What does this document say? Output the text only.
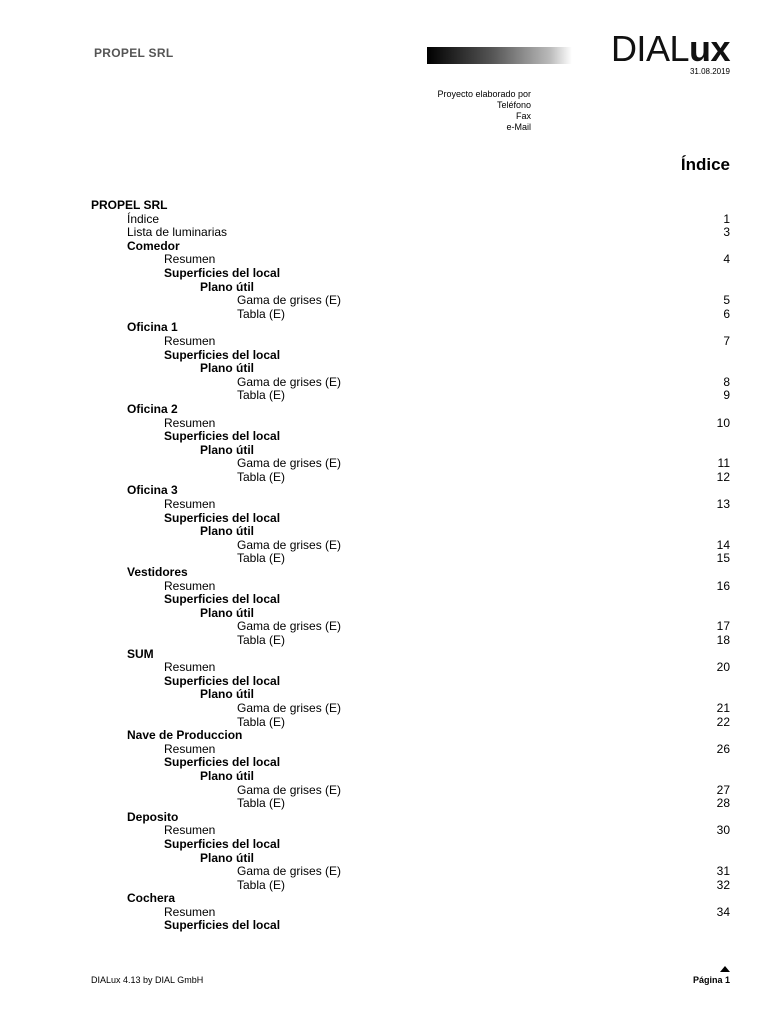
PROPEL SRL	DIALux
31.08.2019
Proyecto elaborado por
Teléfono
Fax
e-Mail
Índice
PROPEL SRL
Índice	1
Lista de luminarias	3
Comedor
Resumen	4
Superficies del local
Plano útil
Gama de grises (E)	5
Tabla (E)	6
Oficina 1
Resumen	7
Superficies del local
Plano útil
Gama de grises (E)	8
Tabla (E)	9
Oficina 2
Resumen	10
Superficies del local
Plano útil
Gama de grises (E)	11
Tabla (E)	12
Oficina 3
Resumen	13
Superficies del local
Plano útil
Gama de grises (E)	14
Tabla (E)	15
Vestidores
Resumen	16
Superficies del local
Plano útil
Gama de grises (E)	17
Tabla (E)	18
SUM
Resumen	20
Superficies del local
Plano útil
Gama de grises (E)	21
Tabla (E)	22
Nave de Produccion
Resumen	26
Superficies del local
Plano útil
Gama de grises (E)	27
Tabla (E)	28
Deposito
Resumen	30
Superficies del local
Plano útil
Gama de grises (E)	31
Tabla (E)	32
Cochera
Resumen	34
Superficies del local
DIALux 4.13 by DIAL GmbH	Página 1
